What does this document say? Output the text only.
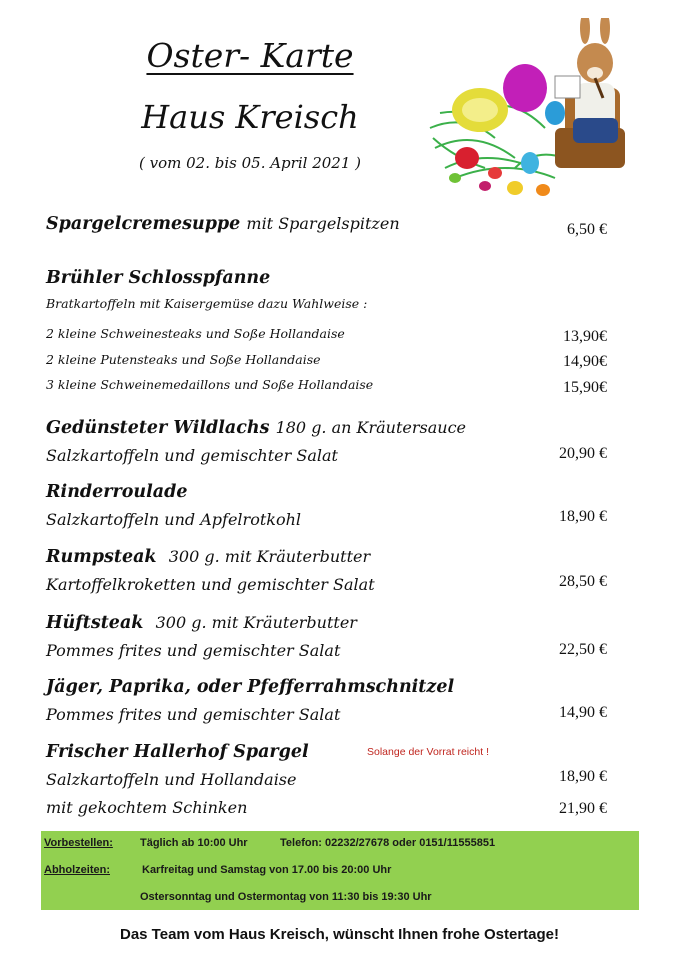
Oster- Karte
Haus Kreisch
( vom 02. bis 05. April 2021 )
Spargelcremesuppe mit Spargelspitzen	6,50 €
Brühler Schlosspfanne
Bratkartoffeln mit Kaisergemüse dazu Wahlweise :
2 kleine Schweinesteaks und Soße Hollandaise	13,90€
2 kleine Putensteaks und Soße Hollandaise	14,90€
3 kleine Schweinemedaillons und Soße Hollandaise	15,90€
Gedünsteter Wildlachs 180 g. an Kräutersauce
Salzkartoffeln und gemischter Salat	20,90 €
Rinderroulade
Salzkartoffeln und Apfelrotkohl	18,90 €
Rumpsteak 300 g. mit Kräuterbutter
Kartoffelkroketten und gemischter Salat	28,50 €
Hüftsteak 300 g. mit Kräuterbutter
Pommes frites und gemischter Salat	22,50 €
Jäger, Paprika, oder Pfefferrahmschnitzel
Pommes frites und gemischter Salat	14,90 €
Frischer Hallerhof Spargel	Solange der Vorrat reicht !
Salzkartoffeln und Hollandaise	18,90 €
mit gekochtem Schinken	21,90 €
Vorbestellen: Täglich ab 10:00 Uhr	Telefon: 02232/27678 oder 0151/11555851
Abholzeiten:	Karfreitag und Samstag von 17.00 bis 20:00 Uhr
Ostersonntag und Ostermontag von 11:30 bis 19:30 Uhr
Das Team vom Haus Kreisch, wünscht Ihnen frohe Ostertage!
